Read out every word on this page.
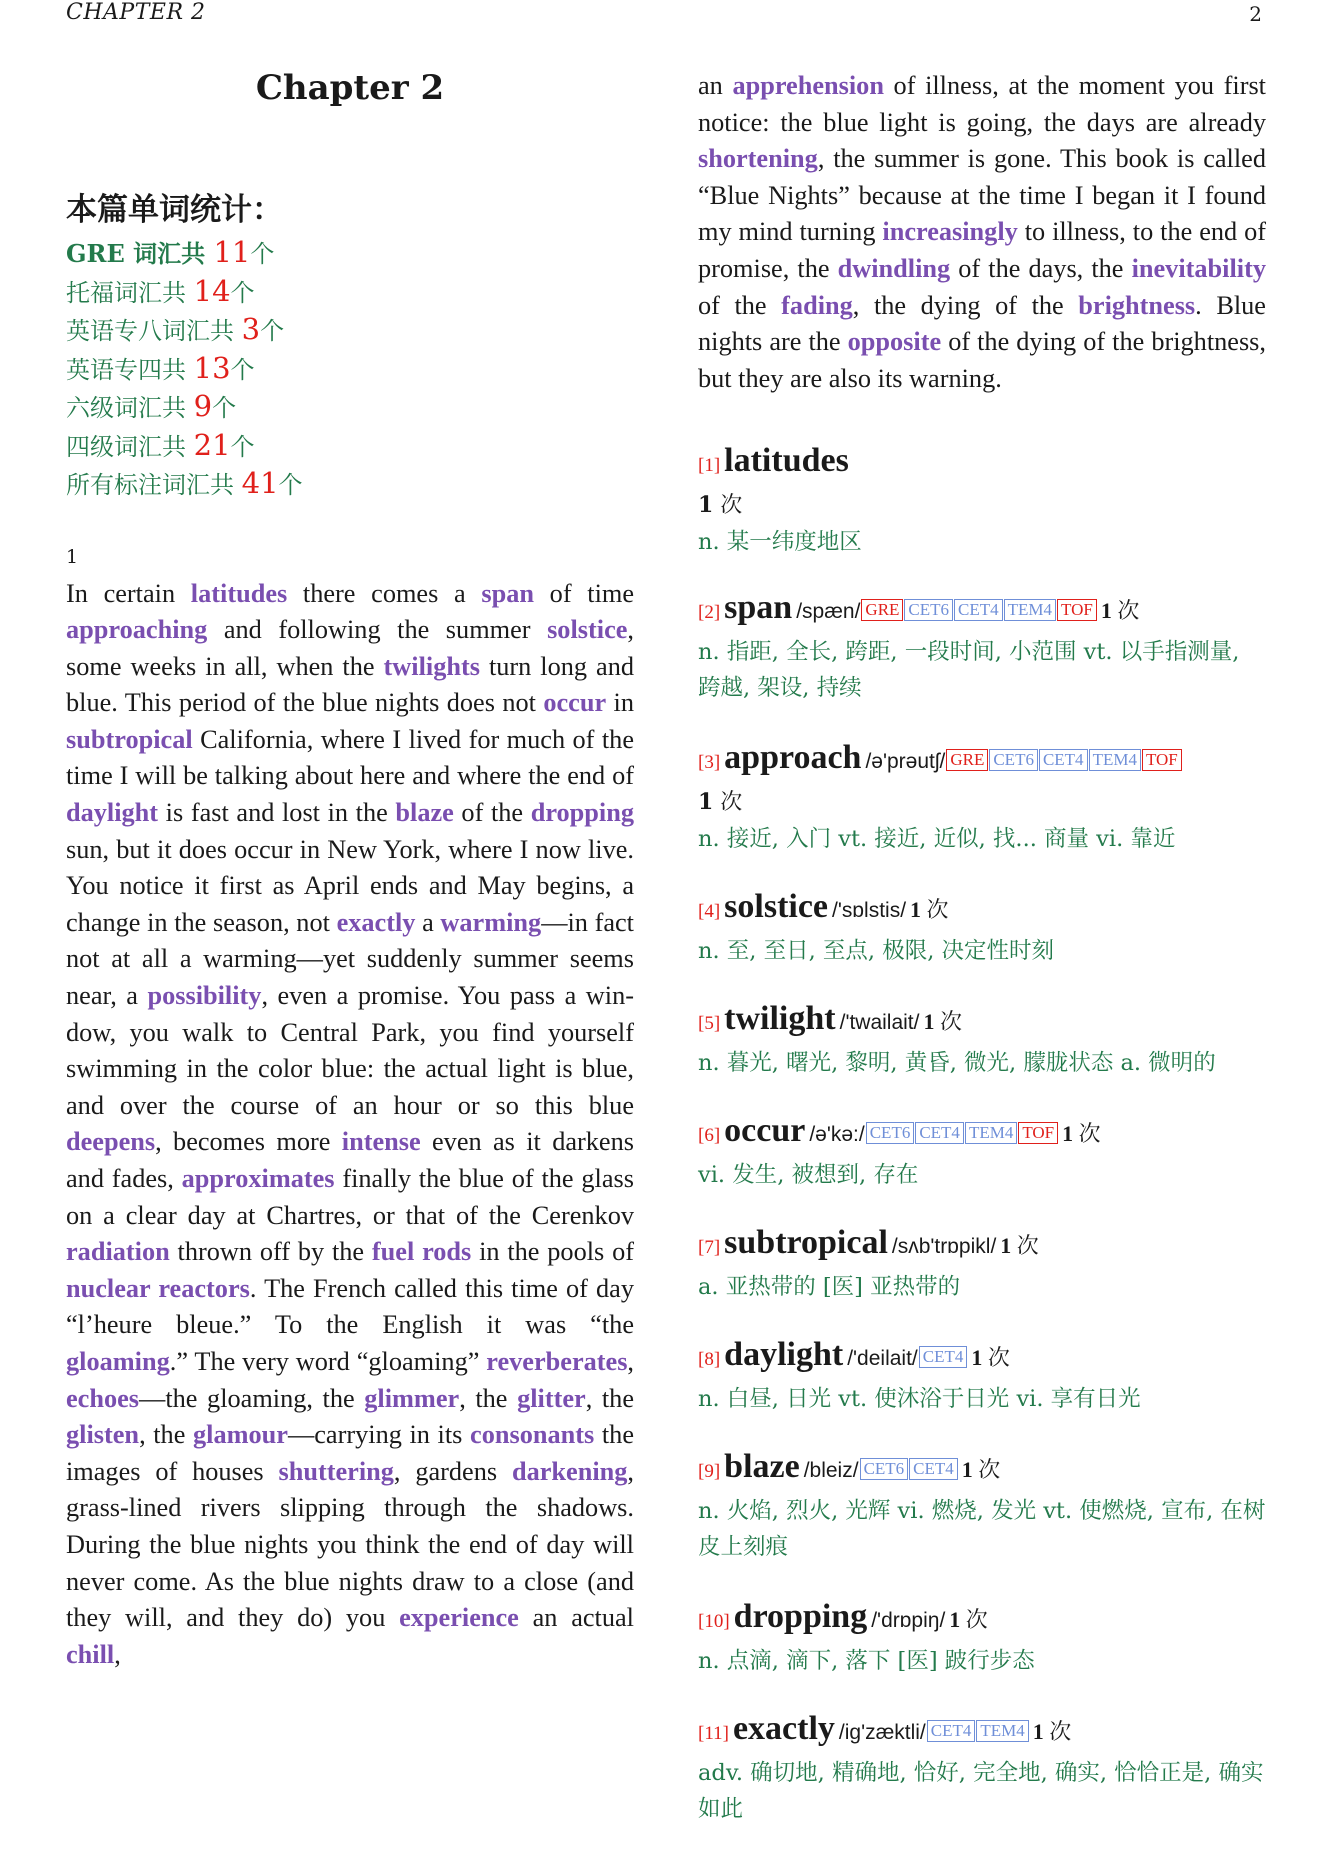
CHAPTER 2	2
Chapter 2
本篇单词统计：
GRE 词汇共 11个
托福词汇共 14个
英语专八词汇共 3个
英语专四共 13个
六级词汇共 9个
四级词汇共 21个
所有标注词汇共 41个
1
In certain latitudes there comes a span of time approaching and following the summer solstice, some weeks in all, when the twilights turn long and blue. This period of the blue nights does not occur in subtropical California, where I lived for much of the time I will be talking about here and where the end of daylight is fast and lost in the blaze of the dropping sun, but it does occur in New York, where I now live. You notice it first as April ends and May begins, a change in the season, not exactly a warming—in fact not at all a warming—yet suddenly summer seems near, a possibility, even a promise. You pass a window, you walk to Central Park, you find yourself swimming in the color blue: the actual light is blue, and over the course of an hour or so this blue deepens, becomes more intense even as it darkens and fades, approximates finally the blue of the glass on a clear day at Chartres, or that of the Cerenkov radiation thrown off by the fuel rods in the pools of nuclear reactors. The French called this time of day “l’heure bleue.” To the English it was “the gloaming.” The very word “gloaming” reverberates, echoes—the gloaming, the glimmer, the glitter, the glisten, the glamour—carrying in its consonants the images of houses shuttering, gardens darkening, grass-lined rivers slipping through the shadows. During the blue nights you think the end of day will never come. As the blue nights draw to a close (and they will, and they do) you experience an actual chill,
an apprehension of illness, at the moment you first notice: the blue light is going, the days are already shortening, the summer is gone. This book is called “Blue Nights” because at the time I began it I found my mind turning increasingly to illness, to the end of promise, the dwindling of the days, the inevitability of the fading, the dying of the brightness. Blue nights are the opposite of the dying of the brightness, but they are also its warning.
[1] latitudes
1 次
n. 某一纬度地区
[2] span /spæn/ GRE CET6 CET4 TEM4 TOF 1 次
n. 指距, 全长, 跨距, 一段时间, 小范围 vt. 以手指测量, 跨越, 架设, 持续
[3] approach /ə'prəutʃ/ GRE CET6 CET4 TEM4 TOF
1 次
n. 接近, 入门 vt. 接近, 近似, 找... 商量 vi. 靠近
[4] solstice /'sɒlstis/ 1 次
n. 至, 至日, 至点, 极限, 决定性时刻
[5] twilight /'twailait/ 1 次
n. 暮光, 曙光, 黎明, 黄昏, 微光, 朦胧状态 a. 微明的
[6] occur /ə'kə:/ CET6 CET4 TEM4 TOF 1 次
vi. 发生, 被想到, 存在
[7] subtropical /sʌb'trɒpikl/ 1 次
a. 亚热带的 [医] 亚热带的
[8] daylight /'deilait/ CET4 1 次
n. 白昼, 日光 vt. 使沐浴于日光 vi. 享有日光
[9] blaze /bleiz/ CET6 CET4 1 次
n. 火焰, 烈火, 光辉 vi. 燃烧, 发光 vt. 使燃烧, 宣布, 在树皮上刻痕
[10] dropping /'drɒpiŋ/ 1 次
n. 点滴, 滴下, 落下 [医] 跛行步态
[11] exactly /ig'zæktli/ CET4 TEM4 1 次
adv. 确切地, 精确地, 恰好, 完全地, 确实, 恰恰正是, 确实如此
